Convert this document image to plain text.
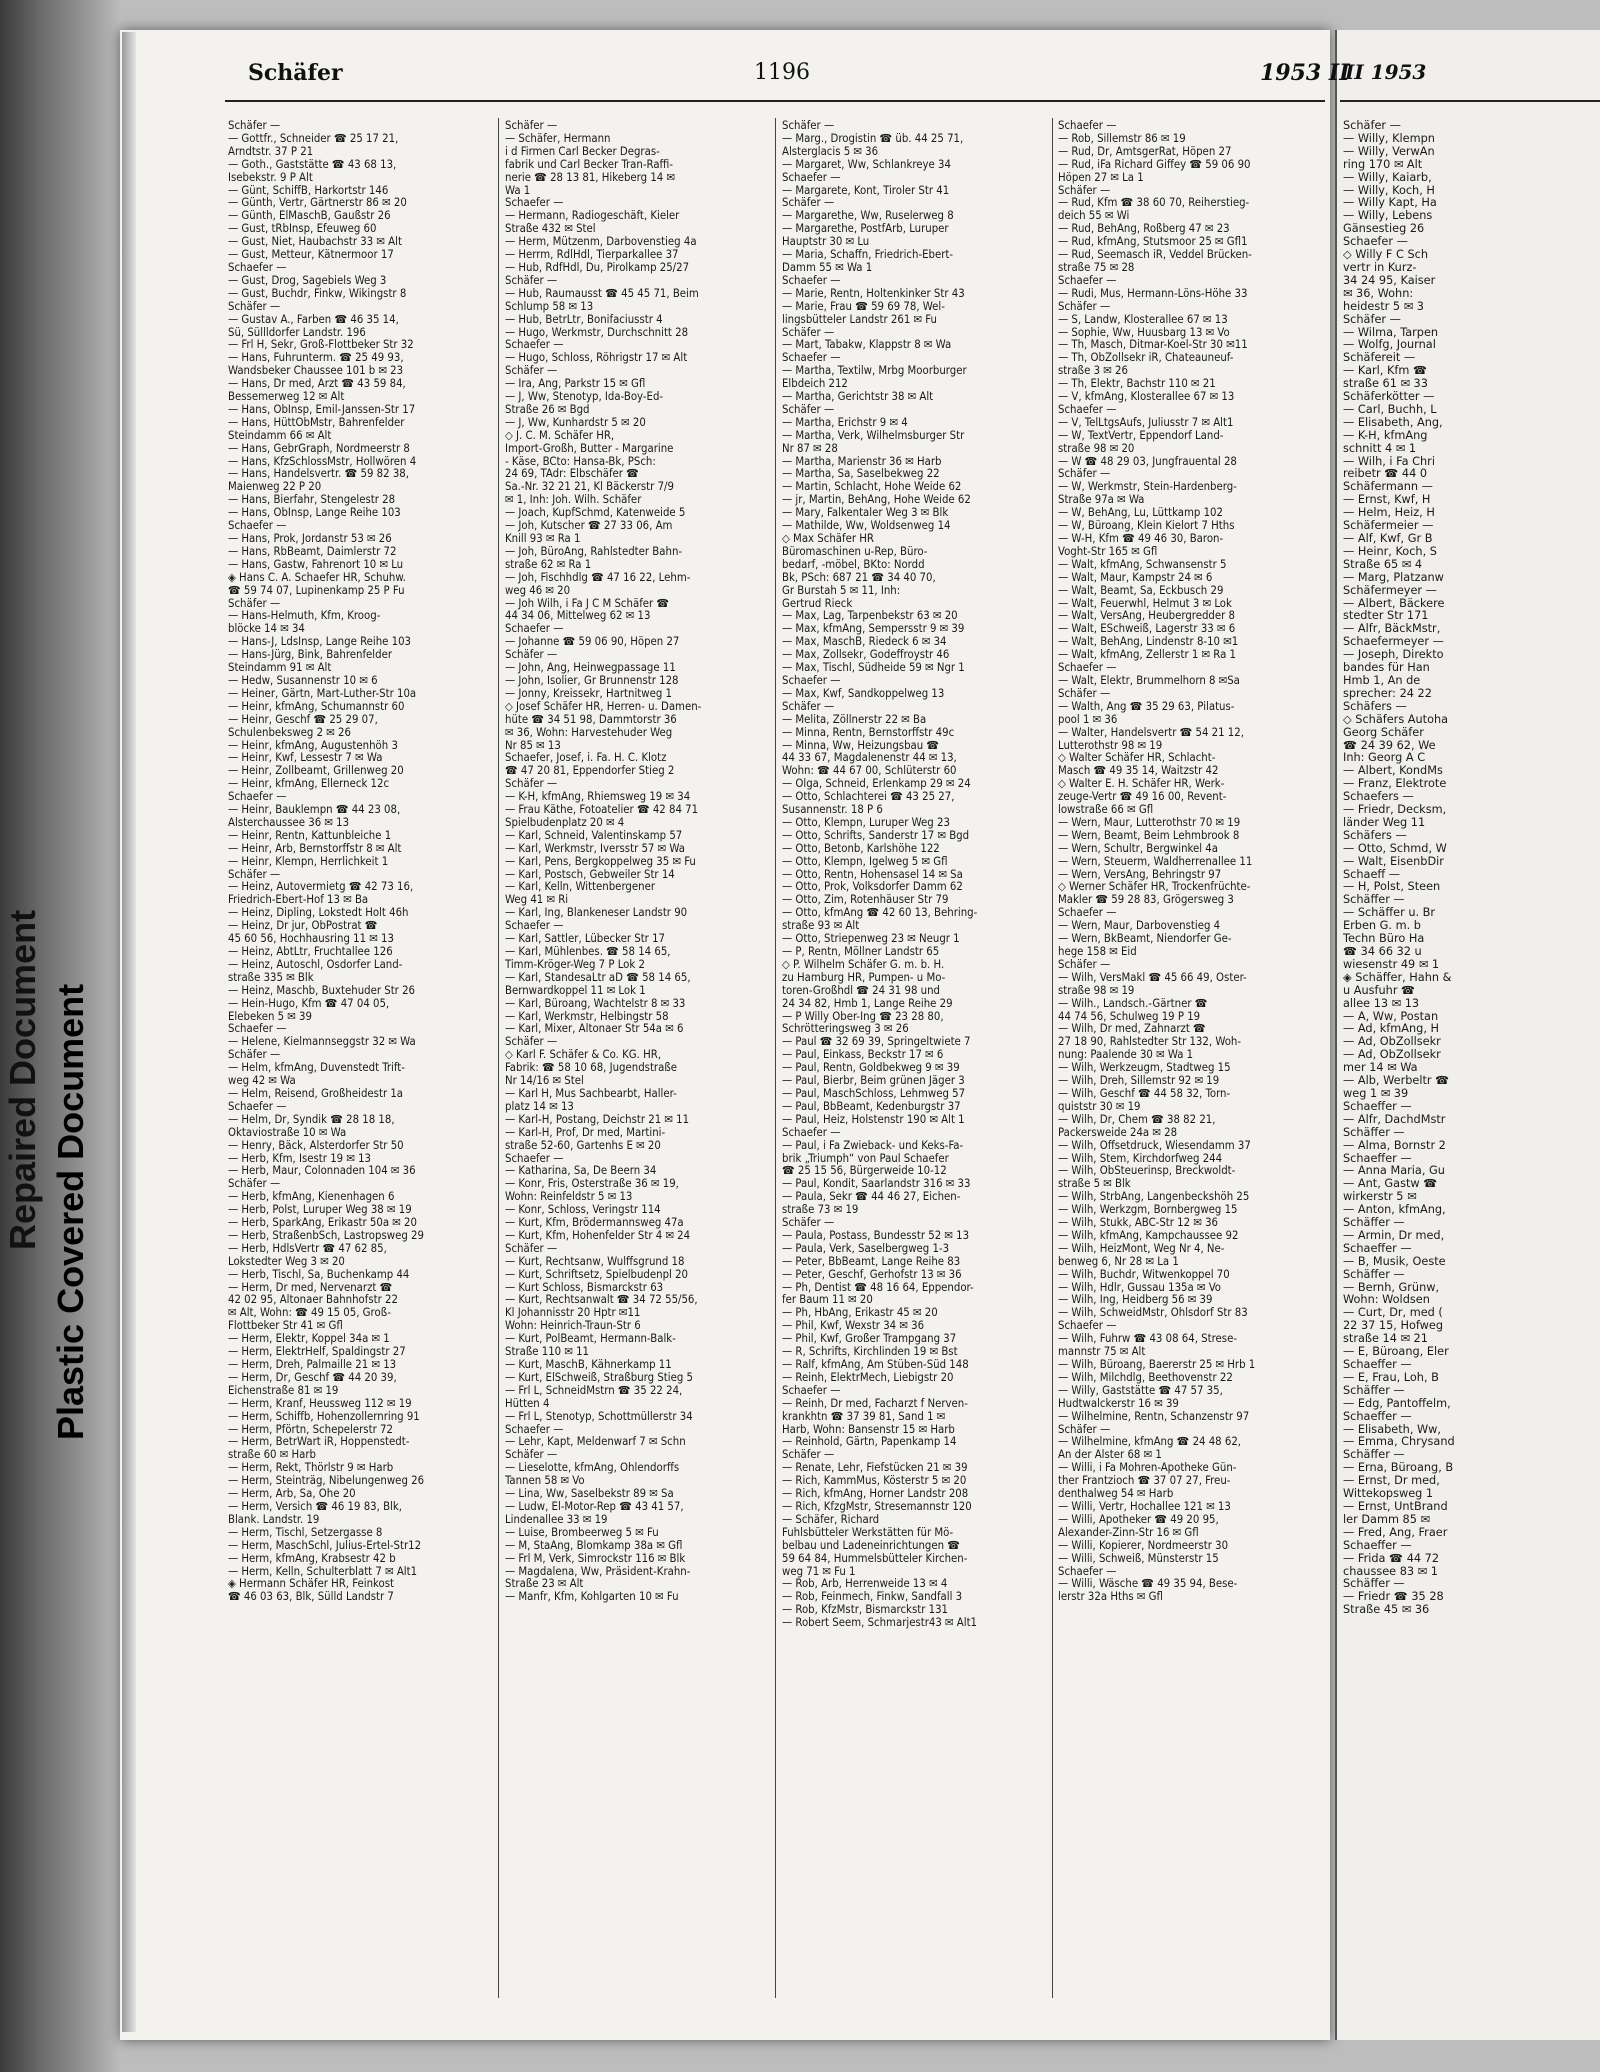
Repaired Document Plastic Covered Document
Schäfer	1196	1953 II
Schäfer —
— Gottfr., Schneider ☎ 25 17 21,
Arndtstr. 37 P 21
— Goth., Gaststätte ☎ 43 68 13,
Isebekstr. 9 P Alt
— Günt, SchiffB, Harkortstr 146
— Günth, Vertr, Gärtnerstr 86 ✉ 20
— Günth, ElMaschB, Gaußstr 26
— Gust, tRbInsp, Efeuweg 60
— Gust, Niet, Haubachstr 33 ✉ Alt
— Gust, Metteur, Kätnermoor 17
Schaefer —
— Gust, Drog, Sagebiels Weg 3
— Gust, Buchdr, Finkw, Wikingstr 8
Schäfer —
— Gustav A., Farben ☎ 46 35 14,
Sü, Süllldorfer Landstr. 196
— Frl H, Sekr, Groß-Flottbeker Str 32
— Hans, Fuhrunterm. ☎ 25 49 93,
Wandsbeker Chaussee 101 b ✉ 23
— Hans, Dr med, Arzt ☎ 43 59 84,
Bessemerweg 12 ✉ Alt
— Hans, ObInsp, Emil-Janssen-Str 17
— Hans, HüttObMstr, Bahrenfelder
Steindamm 66 ✉ Alt
— Hans, GebrGraph, Nordmeerstr 8
— Hans, KfzSchlossMstr, Hollwören 4
— Hans, Handelsvertr. ☎ 59 82 38,
Maienweg 22 P 20
— Hans, Bierfahr, Stengelestr 28
— Hans, ObInsp, Lange Reihe 103
Schaefer —
— Hans, Prok, Jordanstr 53 ✉ 26
— Hans, RbBeamt, Daimlerstr 72
— Hans, Gastw, Fahrenort 10 ✉ Lu
◈ Hans C. A. Schaefer HR, Schuhw.
☎ 59 74 07, Lupinenkamp 25 P Fu
Schäfer —
— Hans-Helmuth, Kfm, Kroog-
blöcke 14 ✉ 34
— Hans-J, LdsInsp, Lange Reihe 103
— Hans-Jürg, Bink, Bahrenfelder
Steindamm 91 ✉ Alt
— Hedw, Susannenstr 10 ✉ 6
— Heiner, Gärtn, Mart-Luther-Str 10a
— Heinr, kfmAng, Schumannstr 60
— Heinr, Geschf ☎ 25 29 07,
Schulenbeksweg 2 ✉ 26
— Heinr, kfmAng, Augustenhöh 3
— Heinr, Kwf, Lessestr 7 ✉ Wa
— Heinr, Zollbeamt, Grillenweg 20
— Heinr, kfmAng, Ellerneck 12c
Schaefer —
— Heinr, Bauklempn ☎ 44 23 08,
Alsterchaussee 36 ✉ 13
— Heinr, Rentn, Kattunbleiche 1
— Heinr, Arb, Bernstorffstr 8 ✉ Alt
— Heinr, Klempn, Herrlichkeit 1
Schäfer —
— Heinz, Autovermietg ☎ 42 73 16,
Friedrich-Ebert-Hof 13 ✉ Ba
— Heinz, Dipling, Lokstedt Holt 46h
— Heinz, Dr jur, ObPostrat ☎
45 60 56, Hochhausring 11 ✉ 13
— Heinz, AbtLtr, Fruchtallee 126
— Heinz, Autoschl, Osdorfer Land-
straße 335 ✉ Blk
— Heinz, Maschb, Buxtehuder Str 26
— Hein-Hugo, Kfm ☎ 47 04 05,
Elebeken 5 ✉ 39
Schaefer —
— Helene, Kielmannseggstr 32 ✉ Wa
Schäfer —
— Helm, kfmAng, Duvenstedt Trift-
weg 42 ✉ Wa
— Helm, Reisend, Großheidestr 1a
Schaefer —
— Helm, Dr, Syndik ☎ 28 18 18,
Oktaviostraße 10 ✉ Wa
— Henry, Bäck, Alsterdorfer Str 50
— Herb, Kfm, Isestr 19 ✉ 13
— Herb, Maur, Colonnaden 104 ✉ 36
Schäfer —
— Herb, kfmAng, Kienenhagen 6
— Herb, Polst, Luruper Weg 38 ✉ 19
— Herb, SparkAng, Erikastr 50a ✉ 20
— Herb, StraßenbSch, Lastropsweg 29
— Herb, HdlsVertr ☎ 47 62 85,
Lokstedter Weg 3 ✉ 20
— Herb, Tischl, Sa, Buchenkamp 44
— Herm, Dr med, Nervenarzt ☎
42 02 95, Altonaer Bahnhofstr 22
✉ Alt, Wohn: ☎ 49 15 05, Groß-
Flottbeker Str 41 ✉ Gfl
— Herm, Elektr, Koppel 34a ✉ 1
— Herm, ElektrHelf, Spaldingstr 27
— Herm, Dreh, Palmaille 21 ✉ 13
— Herm, Dr, Geschf ☎ 44 20 39,
Eichenstraße 81 ✉ 19
— Herm, Kranf, Heussweg 112 ✉ 19
— Herm, Schiffb, Hohenzollernring 91
— Herm, Pförtn, Schepelerstr 72
— Herm, BetrWart iR, Hoppenstedt-
straße 60 ✉ Harb
— Herm, Rekt, Thörlstr 9 ✉ Harb
— Herm, Steinträg, Nibelungenweg 26
— Herm, Arb, Sa, Ohe 20
— Herm, Versich ☎ 46 19 83, Blk,
Blank. Landstr. 19
— Herm, Tischl, Setzergasse 8
— Herm, MaschSchl, Julius-Ertel-Str12
— Herm, kfmAng, Krabsestr 42 b
— Herm, Kelln, Schulterblatt 7 ✉ Alt1
◈ Hermann Schäfer HR, Feinkost
☎ 46 03 63, Blk, Sülld Landstr 7
Schäfer —
— Schäfer, Hermann
i d Firmen Carl Becker Degras-
fabrik und Carl Becker Tran-Raffi-
nerie ☎ 28 13 81, Hikeberg 14 ✉
Wa 1
Schaefer —
— Hermann, Radiogeschäft, Kieler
Straße 432 ✉ Stel
— Herm, Mützenm, Darbovenstieg 4a
— Herrm, RdlHdl, Tierparkallee 37
— Hub, RdfHdl, Du, Pirolkamp 25/27
Schäfer —
— Hub, Raumausst ☎ 45 45 71, Beim
Schlump 58 ✉ 13
— Hub, BetrLtr, Bonifaciusstr 4
— Hugo, Werkmstr, Durchschnitt 28
Schaefer —
— Hugo, Schloss, Röhrigstr 17 ✉ Alt
Schäfer —
— Ira, Ang, Parkstr 15 ✉ Gfl
— J, Ww, Stenotyp, Ida-Boy-Ed-
Straße 26 ✉ Bgd
— J, Ww, Kunhardstr 5 ✉ 20
◇ J. C. M. Schäfer HR,
Import-Großh, Butter - Margarine
- Käse, BCto: Hansa-Bk, PSch:
24 69, TAdr: Elbschäfer ☎
Sa.-Nr. 32 21 21, Kl Bäckerstr 7/9
✉ 1, Inh: Joh. Wilh. Schäfer
— Joach, KupfSchmd, Katenweide 5
— Joh, Kutscher ☎ 27 33 06, Am
Knill 93 ✉ Ra 1
— Joh, BüroAng, Rahlstedter Bahn-
straße 62 ✉ Ra 1
— Joh, Fischhdlg ☎ 47 16 22, Lehm-
weg 46 ✉ 20
— Joh Wilh, i Fa J C M Schäfer ☎
44 34 06, Mittelweg 62 ✉ 13
Schaefer —
— Johanne ☎ 59 06 90, Höpen 27
Schäfer —
— John, Ang, Heinwegpassage 11
— John, Isolier, Gr Brunnenstr 128
— Jonny, Kreissekr, Hartnitweg 1
◇ Josef Schäfer HR, Herren- u. Damen-
hüte ☎ 34 51 98, Dammtorstr 36
✉ 36, Wohn: Harvestehuder Weg
Nr 85 ✉ 13
Schaefer, Josef, i. Fa. H. C. Klotz
☎ 47 20 81, Eppendorfer Stieg 2
Schäfer —
— K-H, kfmAng, Rhiemsweg 19 ✉ 34
— Frau Käthe, Fotoatelier ☎ 42 84 71
Spielbudenplatz 20 ✉ 4
— Karl, Schneid, Valentinskamp 57
— Karl, Werkmstr, Iversstr 57 ✉ Wa
— Karl, Pens, Bergkoppelweg 35 ✉ Fu
— Karl, Postsch, Gebweiler Str 14
— Karl, Kelln, Wittenbergener
Weg 41 ✉ Ri
— Karl, Ing, Blankeneser Landstr 90
Schaefer —
— Karl, Sattler, Lübecker Str 17
— Karl, Mühlenbes. ☎ 58 14 65,
Timm-Kröger-Weg 7 P Lok 2
— Karl, StandesaLtr aD ☎ 58 14 65,
Bernwardkoppel 11 ✉ Lok 1
— Karl, Büroang, Wachtelstr 8 ✉ 33
— Karl, Werkmstr, Helbingstr 58
— Karl, Mixer, Altonaer Str 54a ✉ 6
Schäfer —
◇ Karl F. Schäfer & Co. KG. HR,
Fabrik: ☎ 58 10 68, Jugendstraße
Nr 14/16 ✉ Stel
— Karl H, Mus Sachbearbt, Haller-
platz 14 ✉ 13
— Karl-H, Postang, Deichstr 21 ✉ 11
— Karl-H, Prof, Dr med, Martini-
straße 52-60, Gartenhs E ✉ 20
Schaefer —
— Katharina, Sa, De Beern 34
— Konr, Fris, Osterstraße 36 ✉ 19,
Wohn: Reinfeldstr 5 ✉ 13
— Konr, Schloss, Veringstr 114
— Kurt, Kfm, Brödermannsweg 47a
— Kurt, Kfm, Hohenfelder Str 4 ✉ 24
Schäfer —
— Kurt, Rechtsanw, Wulffsgrund 18
— Kurt, Schriftsetz, Spielbudenpl 20
— Kurt Schloss, Bismarckstr 63
— Kurt, Rechtsanwalt ☎ 34 72 55/56,
Kl Johannisstr 20 Hptr ✉11
Wohn: Heinrich-Traun-Str 6
— Kurt, PolBeamt, Hermann-Balk-
Straße 110 ✉ 11
— Kurt, MaschB, Kähnerkamp 11
— Kurt, ElSchweiß, Straßburg Stieg 5
— Frl L, SchneidMstrn ☎ 35 22 24,
Hütten 4
— Frl L, Stenotyp, Schottmüllerstr 34
Schaefer —
— Lehr, Kapt, Meldenwarf 7 ✉ Schn
Schäfer —
— Lieselotte, kfmAng, Ohlendorffs
Tannen 58 ✉ Vo
— Lina, Ww, Saselbekstr 89 ✉ Sa
— Ludw, El-Motor-Rep ☎ 43 41 57,
Lindenallee 33 ✉ 19
— Luise, Brombeerweg 5 ✉ Fu
— M, StaAng, Blomkamp 38a ✉ Gfl
— Frl M, Verk, Simrockstr 116 ✉ Blk
— Magdalena, Ww, Präsident-Krahn-
Straße 23 ✉ Alt
— Manfr, Kfm, Kohlgarten 10 ✉ Fu
Schäfer —
— Marg., Drogistin ☎ üb. 44 25 71,
Alsterglacis 5 ✉ 36
— Margaret, Ww, Schlankreye 34
Schaefer —
— Margarete, Kont, Tiroler Str 41
Schäfer —
— Margarethe, Ww, Ruselerweg 8
— Margarethe, PostfArb, Luruper
Hauptstr 30 ✉ Lu
— Maria, Schaffn, Friedrich-Ebert-
Damm 55 ✉ Wa 1
Schaefer —
— Marie, Rentn, Holtenkinker Str 43
— Marie, Frau ☎ 59 69 78, Wel-
lingsbütteler Landstr 261 ✉ Fu
Schäfer —
— Mart, Tabakw, Klappstr 8 ✉ Wa
Schaefer —
— Martha, Textilw, Mrbg Moorburger
Elbdeich 212
— Martha, Gerichtstr 38 ✉ Alt
Schäfer —
— Martha, Erichstr 9 ✉ 4
— Martha, Verk, Wilhelmsburger Str
Nr 87 ✉ 28
— Martha, Marienstr 36 ✉ Harb
— Martha, Sa, Saselbekweg 22
— Martin, Schlacht, Hohe Weide 62
— jr, Martin, BehAng, Hohe Weide 62
— Mary, Falkentaler Weg 3 ✉ Blk
— Mathilde, Ww, Woldsenweg 14
◇ Max Schäfer HR
Büromaschinen u-Rep, Büro-
bedarf, -möbel, BKto: Nordd
Bk, PSch: 687 21 ☎ 34 40 70,
Gr Burstah 5 ✉ 11, Inh:
Gertrud Rieck
— Max, Lag, Tarpenbekstr 63 ✉ 20
— Max, kfmAng, Sempersstr 9 ✉ 39
— Max, MaschB, Riedeck 6 ✉ 34
— Max, Zollsekr, Godeffroystr 46
— Max, Tischl, Südheide 59 ✉ Ngr 1
Schaefer —
— Max, Kwf, Sandkoppelweg 13
Schäfer —
— Melita, Zöllnerstr 22 ✉ Ba
— Minna, Rentn, Bernstorffstr 49c
— Minna, Ww, Heizungsbau ☎
44 33 67, Magdalenenstr 44 ✉ 13,
Wohn: ☎ 44 67 00, Schlüterstr 60
— Olga, Schneid, Erlenkamp 29 ✉ 24
— Otto, Schlachterei ☎ 43 25 27,
Susannenstr. 18 P 6
— Otto, Klempn, Luruper Weg 23
— Otto, Schrifts, Sanderstr 17 ✉ Bgd
— Otto, Betonb, Karlshöhe 122
— Otto, Klempn, Igelweg 5 ✉ Gfl
— Otto, Rentn, Hohensasel 14 ✉ Sa
— Otto, Prok, Volksdorfer Damm 62
— Otto, Zim, Rotenhäuser Str 79
— Otto, kfmAng ☎ 42 60 13, Behring-
straße 93 ✉ Alt
— Otto, Striepenweg 23 ✉ Neugr 1
— P, Rentn, Möllner Landstr 65
◇ P. Wilhelm Schäfer G. m. b. H.
zu Hamburg HR, Pumpen- u Mo-
toren-Großhdl ☎ 24 31 98 und
24 34 82, Hmb 1, Lange Reihe 29
— P Willy Ober-Ing ☎ 23 28 80,
Schrötteringsweg 3 ✉ 26
— Paul ☎ 32 69 39, Springeltwiete 7
— Paul, Einkass, Beckstr 17 ✉ 6
— Paul, Rentn, Goldbekweg 9 ✉ 39
— Paul, Bierbr, Beim grünen Jäger 3
— Paul, MaschSchloss, Lehmweg 57
— Paul, BbBeamt, Kedenburgstr 37
— Paul, Heiz, Holstenstr 190 ✉ Alt 1
Schaefer —
— Paul, i Fa Zwieback- und Keks-Fa-
brik „Triumph“ von Paul Schaefer
☎ 25 15 56, Bürgerweide 10-12
— Paul, Kondit, Saarlandstr 316 ✉ 33
— Paula, Sekr ☎ 44 46 27, Eichen-
straße 73 ✉ 19
Schäfer —
— Paula, Postass, Bundesstr 52 ✉ 13
— Paula, Verk, Saselbergweg 1-3
— Peter, BbBeamt, Lange Reihe 83
— Peter, Geschf, Gerhofstr 13 ✉ 36
— Ph, Dentist ☎ 48 16 64, Eppendor-
fer Baum 11 ✉ 20
— Ph, HbAng, Erikastr 45 ✉ 20
— Phil, Kwf, Wexstr 34 ✉ 36
— Phil, Kwf, Großer Trampgang 37
— R, Schrifts, Kirchlinden 19 ✉ Bst
— Ralf, kfmAng, Am Stüben-Süd 148
— Reinh, ElektrMech, Liebigstr 20
Schaefer —
— Reinh, Dr med, Facharzt f Nerven-
krankhtn ☎ 37 39 81, Sand 1 ✉
Harb, Wohn: Bansenstr 15 ✉ Harb
— Reinhold, Gärtn, Papenkamp 14
Schäfer —
— Renate, Lehr, Fiefstücken 21 ✉ 39
— Rich, KammMus, Kösterstr 5 ✉ 20
— Rich, kfmAng, Horner Landstr 208
— Rich, KfzgMstr, Stresemannstr 120
— Schäfer, Richard
Fuhlsbütteler Werkstätten für Mö-
belbau und Ladeneinrichtungen ☎
59 64 84, Hummelsbütteler Kirchen-
weg 71 ✉ Fu 1
— Rob, Arb, Herrenweide 13 ✉ 4
— Rob, Feinmech, Finkw, Sandfall 3
— Rob, KfzMstr, Bismarckstr 131
— Robert Seem, Schmarjestr43 ✉ Alt1
Schaefer —
— Rob, Sillemstr 86 ✉ 19
— Rud, Dr, AmtsgerRat, Höpen 27
— Rud, iFa Richard Giffey ☎ 59 06 90
Höpen 27 ✉ La 1
Schäfer —
— Rud, Kfm ☎ 38 60 70, Reiherstieg-
deich 55 ✉ Wi
— Rud, BehAng, Roßberg 47 ✉ 23
— Rud, kfmAng, Stutsmoor 25 ✉ Gfl1
— Rud, Seemasch iR, Veddel Brücken-
straße 75 ✉ 28
Schaefer —
— Rudi, Mus, Hermann-Löns-Höhe 33
Schäfer —
— S, Landw, Klosterallee 67 ✉ 13
— Sophie, Ww, Huusbarg 13 ✉ Vo
— Th, Masch, Ditmar-Koel-Str 30 ✉11
— Th, ObZollsekr iR, Chateauneuf-
straße 3 ✉ 26
— Th, Elektr, Bachstr 110 ✉ 21
— V, kfmAng, Klosterallee 67 ✉ 13
Schaefer —
— V, TelLtgsAufs, Juliusstr 7 ✉ Alt1
— W, TextVertr, Eppendorf Land-
straße 98 ✉ 20
— W ☎ 48 29 03, Jungfrauental 28
Schäfer —
— W, Werkmstr, Stein-Hardenberg-
Straße 97a ✉ Wa
— W, BehAng, Lu, Lüttkamp 102
— W, Büroang, Klein Kielort 7 Hths
— W-H, Kfm ☎ 49 46 30, Baron-
Voght-Str 165 ✉ Gfl
— Walt, kfmAng, Schwansenstr 5
— Walt, Maur, Kampstr 24 ✉ 6
— Walt, Beamt, Sa, Eckbusch 29
— Walt, Feuerwhl, Helmut 3 ✉ Lok
— Walt, VersAng, Heubergredder 8
— Walt, ESchweiß, Lagerstr 33 ✉ 6
— Walt, BehAng, Lindenstr 8-10 ✉1
— Walt, kfmAng, Zellerstr 1 ✉ Ra 1
Schaefer —
— Walt, Elektr, Brummelhorn 8 ✉Sa
Schäfer —
— Walth, Ang ☎ 35 29 63, Pilatus-
pool 1 ✉ 36
— Walter, Handelsvertr ☎ 54 21 12,
Lutterothstr 98 ✉ 19
◇ Walter Schäfer HR, Schlacht-
Masch ☎ 49 35 14, Waitzstr 42
◇ Walter E. H. Schäfer HR, Werk-
zeuge-Vertr ☎ 49 16 00, Revent-
lowstraße 66 ✉ Gfl
— Wern, Maur, Lutterothstr 70 ✉ 19
— Wern, Beamt, Beim Lehmbrook 8
— Wern, Schultr, Bergwinkel 4a
— Wern, Steuerm, Waldherrenallee 11
— Wern, VersAng, Behringstr 97
◇ Werner Schäfer HR, Trockenfrüchte-
Makler ☎ 59 28 83, Grögersweg 3
Schaefer —
— Wern, Maur, Darbovenstieg 4
— Wern, BkBeamt, Niendorfer Ge-
hege 158 ✉ Eid
Schäfer —
— Wilh, VersMakl ☎ 45 66 49, Oster-
straße 98 ✉ 19
— Wilh., Landsch.-Gärtner ☎
44 74 56, Schulweg 19 P 19
— Wilh, Dr med, Zahnarzt ☎
27 18 90, Rahlstedter Str 132, Woh-
nung: Paalende 30 ✉ Wa 1
— Wilh, Werkzeugm, Stadtweg 15
— Wilh, Dreh, Sillemstr 92 ✉ 19
— Wilh, Geschf ☎ 44 58 32, Torn-
quiststr 30 ✉ 19
— Wilh, Dr, Chem ☎ 38 82 21,
Packersweide 24a ✉ 28
— Wilh, Offsetdruck, Wiesendamm 37
— Wilh, Stem, Kirchdorfweg 244
— Wilh, ObSteuerinsp, Breckwoldt-
straße 5 ✉ Blk
— Wilh, StrbAng, Langenbeckshöh 25
— Wilh, Werkzgm, Bornbergweg 15
— Wilh, Stukk, ABC-Str 12 ✉ 36
— Wilh, kfmAng, Kampchaussee 92
— Wilh, HeizMont, Weg Nr 4, Ne-
benweg 6, Nr 28 ✉ La 1
— Wilh, Buchdr, Witwenkoppel 70
— Wilh, Hdlr, Gussau 135a ✉ Vo
— Wilh, Ing, Heidberg 56 ✉ 39
— Wilh, SchweidMstr, Ohlsdorf Str 83
Schaefer —
— Wilh, Fuhrw ☎ 43 08 64, Strese-
mannstr 75 ✉ Alt
— Wilh, Büroang, Baererstr 25 ✉ Hrb 1
— Wilh, Milchdlg, Beethovenstr 22
— Willy, Gaststätte ☎ 47 57 35,
Hudtwalckerstr 16 ✉ 39
— Wilhelmine, Rentn, Schanzenstr 97
Schäfer —
— Wilhelmine, kfmAng ☎ 24 48 62,
An der Alster 68 ✉ 1
— Willi, i Fa Mohren-Apotheke Gün-
ther Frantzioch ☎ 37 07 27, Freu-
denthalweg 54 ✉ Harb
— Willi, Vertr, Hochallee 121 ✉ 13
— Willi, Apotheker ☎ 49 20 95,
Alexander-Zinn-Str 16 ✉ Gfl
— Willi, Kopierer, Nordmeerstr 30
— Willi, Schweiß, Münsterstr 15
Schaefer —
— Willi, Wäsche ☎ 49 35 94, Bese-
lerstr 32a Hths ✉ Gfl
II 1953
Schäfer —
— Willy, Klempn
— Willy, VerwAn
ring 170 ✉ Alt
— Willy, Kaiarb,
— Willy, Koch, H
— Willy Kapt, Ha
— Willy, Lebens
Gänsestieg 26
Schaefer —
◇ Willy F C Sch
vertr in Kurz-
34 24 95, Kaiser
✉ 36, Wohn:
heidestr 5 ✉ 3
Schäfer —
— Wilma, Tarpen
— Wolfg, Journal
Schäfereit —
— Karl, Kfm ☎
straße 61 ✉ 33
Schäferkötter —
— Carl, Buchh, L
— Elisabeth, Ang,
— K-H, kfmAng
schnitt 4 ✉ 1
— Wilh, i Fa Chri
reibetr ☎ 44 0
Schäfermann —
— Ernst, Kwf, H
— Helm, Heiz, H
Schäfermeier —
— Alf, Kwf, Gr B
— Heinr, Koch, S
Straße 65 ✉ 4
— Marg, Platzanw
Schäfermeyer —
— Albert, Bäckere
stedter Str 171
— Alfr, BäckMstr,
Schaefermeyer —
— Joseph, Direkto
bandes für Han
Hmb 1, An de
sprecher: 24 22
Schäfers —
◇ Schäfers Autoha
Georg Schäfer
☎ 24 39 62, We
Inh: Georg A C
— Albert, KondMs
— Franz, Elektrote
Schaefers —
— Friedr, Decksm,
länder Weg 11
Schäfers —
— Otto, Schmd, W
— Walt, EisenbDir
Schaeff —
— H, Polst, Steen
Schäffer —
— Schäffer u. Br
Erben G. m. b
Techn Büro Ha
☎ 34 66 32 u
wiesenstr 49 ✉ 1
◈ Schäffer, Hahn &
u Ausfuhr ☎
allee 13 ✉ 13
— A, Ww, Postan
— Ad, kfmAng, H
— Ad, ObZollsekr
— Ad, ObZollsekr
mer 14 ✉ Wa
— Alb, Werbeltr ☎
weg 1 ✉ 39
Schaeffer —
— Alfr, DachdMstr
Schäffer —
— Alma, Bornstr 2
Schaeffer —
— Anna Maria, Gu
— Ant, Gastw ☎
wirkerstr 5 ✉
— Anton, kfmAng,
Schäffer —
— Armin, Dr med,
Schaeffer —
— B, Musik, Oeste
Schäffer —
— Bernh, Grünw,
Wohn: Woldsen
— Curt, Dr, med (
22 37 15, Hofweg
straße 14 ✉ 21
— E, Büroang, Eler
Schaeffer —
— E, Frau, Loh, B
Schäffer —
— Edg, Pantoffelm,
Schaeffer —
— Elisabeth, Ww,
— Emma, Chrysand
Schäffer —
— Erna, Büroang, B
— Ernst, Dr med,
Wittekopsweg 1
— Ernst, UntBrand
ler Damm 85 ✉
— Fred, Ang, Fraer
Schaeffer —
— Frida ☎ 44 72
chaussee 83 ✉ 1
Schäffer —
— Friedr ☎ 35 28
Straße 45 ✉ 36
